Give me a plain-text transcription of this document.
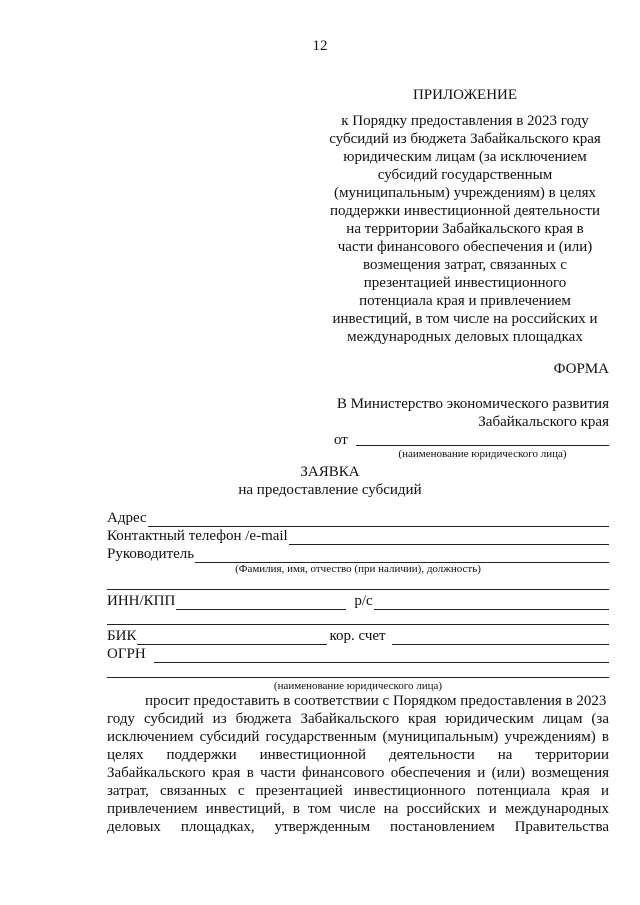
12
ПРИЛОЖЕНИЕ
к Порядку предоставления в 2023 году
субсидий из бюджета Забайкальского края
юридическим лицам (за исключением
субсидий государственным
(муниципальным) учреждениям) в целях
поддержки инвестиционной деятельности
на территории Забайкальского края в
части финансового обеспечения и (или)
возмещения затрат, связанных с
презентацией инвестиционного
потенциала края и привлечением
инвестиций, в том числе на российских и
международных деловых площадках
ФОРМА
В Министерство экономического развития
Забайкальского края
от
(наименование юридического лица)
ЗАЯВКА
на предоставление субсидий
Адрес
Контактный телефон /e-mail
Руководитель
(Фамилия, имя, отчество (при наличии), должность)
ИНН/КПП	р/с
БИК	кор. счет
ОГРН
(наименование юридического лица)
просит предоставить в соответствии с Порядком предоставления в 2023
году субсидий из бюджета Забайкальского края юридическим лицам (за
исключением субсидий государственным (муниципальным) учреждениям) в
целях поддержки инвестиционной деятельности на территории
Забайкальского края в части финансового обеспечения и (или) возмещения
затрат, связанных с презентацией инвестиционного потенциала края и
привлечением инвестиций, в том числе на российских и международных
деловых площадках, утвержденным постановлением Правительства
